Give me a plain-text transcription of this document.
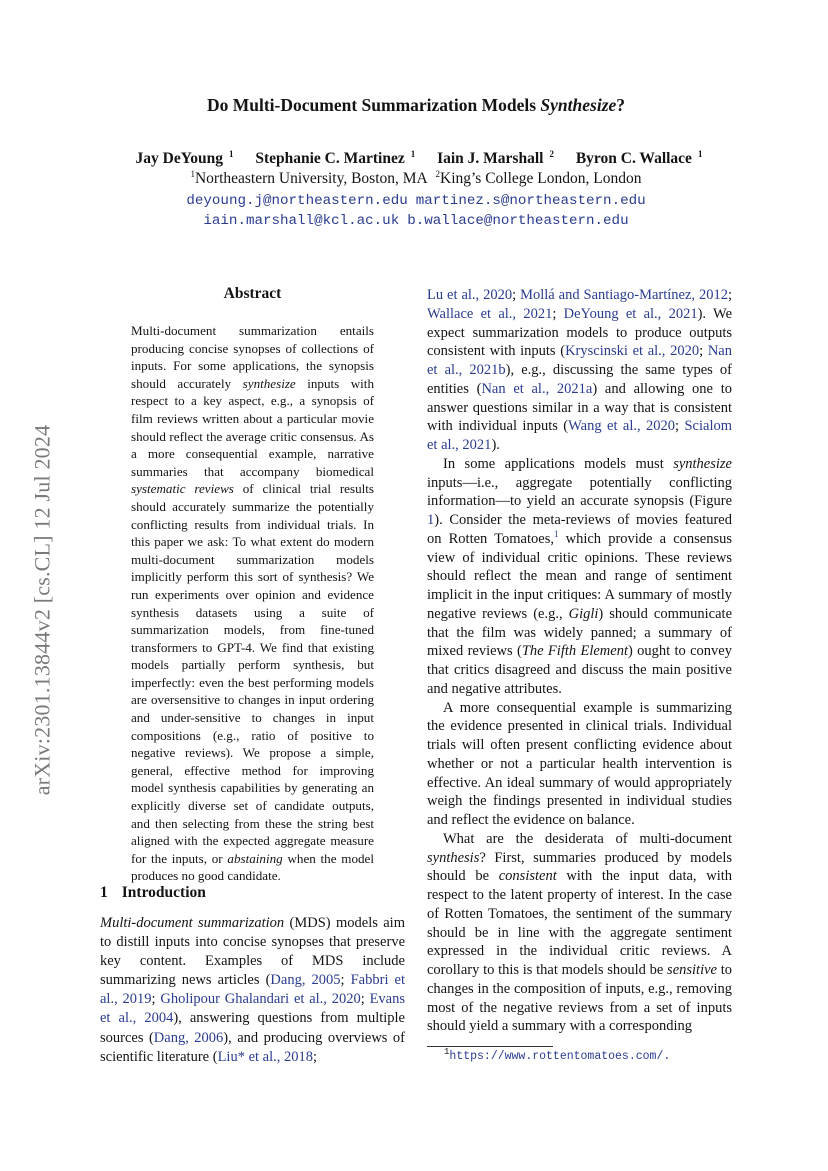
arXiv:2301.13844v2 [cs.CL] 12 Jul 2024
Do Multi-Document Summarization Models Synthesize?
Jay DeYoung $^1$ Stephanie C. Martinez $^1$ Iain J. Marshall $^2$ Byron C. Wallace $^1$
$^1$Northeastern University, Boston, MA $^2$King’s College London, London
deyoung.j@northeastern.edu martinez.s@northeastern.edu
iain.marshall@kcl.ac.uk b.wallace@northeastern.edu
Abstract
Multi-document summarization entails producing concise synopses of collections of inputs. For some applications, the synopsis should accurately synthesize inputs with respect to a key aspect, e.g., a synopsis of film reviews written about a particular movie should reflect the average critic consensus. As a more consequential example, narrative summaries that accompany biomedical systematic reviews of clinical trial results should accurately summarize the potentially conflicting results from individual trials. In this paper we ask: To what extent do modern multi-document summarization models implicitly perform this sort of synthesis? We run experiments over opinion and evidence synthesis datasets using a suite of summarization models, from fine-tuned transformers to GPT-4. We find that existing models partially perform synthesis, but imperfectly: even the best performing models are oversensitive to changes in input ordering and under-sensitive to changes in input compositions (e.g., ratio of positive to negative reviews). We propose a simple, general, effective method for improving model synthesis capabilities by generating an explicitly diverse set of candidate outputs, and then selecting from these the string best aligned with the expected aggregate measure for the inputs, or abstaining when the model produces no good candidate.
1 Introduction
Multi-document summarization (MDS) models aim to distill inputs into concise synopses that preserve key content. Examples of MDS include summarizing news articles (Dang, 2005; Fabbri et al., 2019; Gholipour Ghalandari et al., 2020; Evans et al., 2004), answering questions from multiple sources (Dang, 2006), and producing overviews of scientific literature (Liu* et al., 2018;

Lu et al., 2020; Mollá and Santiago-Martínez, 2012; Wallace et al., 2021; DeYoung et al., 2021). We expect summarization models to produce outputs consistent with inputs (Kryscinski et al., 2020; Nan et al., 2021b), e.g., discussing the same types of entities (Nan et al., 2021a) and allowing one to answer questions similar in a way that is consistent with individual inputs (Wang et al., 2020; Scialom et al., 2021).

In some applications models must synthesize inputs—i.e., aggregate potentially conflicting information—to yield an accurate synopsis (Figure 1). Consider the meta-reviews of movies featured on Rotten Tomatoes,$^1$ which provide a consensus view of individual critic opinions. These reviews should reflect the mean and range of sentiment implicit in the input critiques: A summary of mostly negative reviews (e.g., Gigli) should communicate that the film was widely panned; a summary of mixed reviews (The Fifth Element) ought to convey that critics disagreed and discuss the main positive and negative attributes.

A more consequential example is summarizing the evidence presented in clinical trials. Individual trials will often present conflicting evidence about whether or not a particular health intervention is effective. An ideal summary of would appropriately weigh the findings presented in individual studies and reflect the evidence on balance.

What are the desiderata of multi-document synthesis? First, summaries produced by models should be consistent with the input data, with respect to the latent property of interest. In the case of Rotten Tomatoes, the sentiment of the summary should be in line with the aggregate sentiment expressed in the individual critic reviews. A corollary to this is that models should be sensitive to changes in the composition of inputs, e.g., removing most of the negative reviews from a set of inputs should yield a summary with a corresponding

$^1$https://www.rottentomatoes.com/.
